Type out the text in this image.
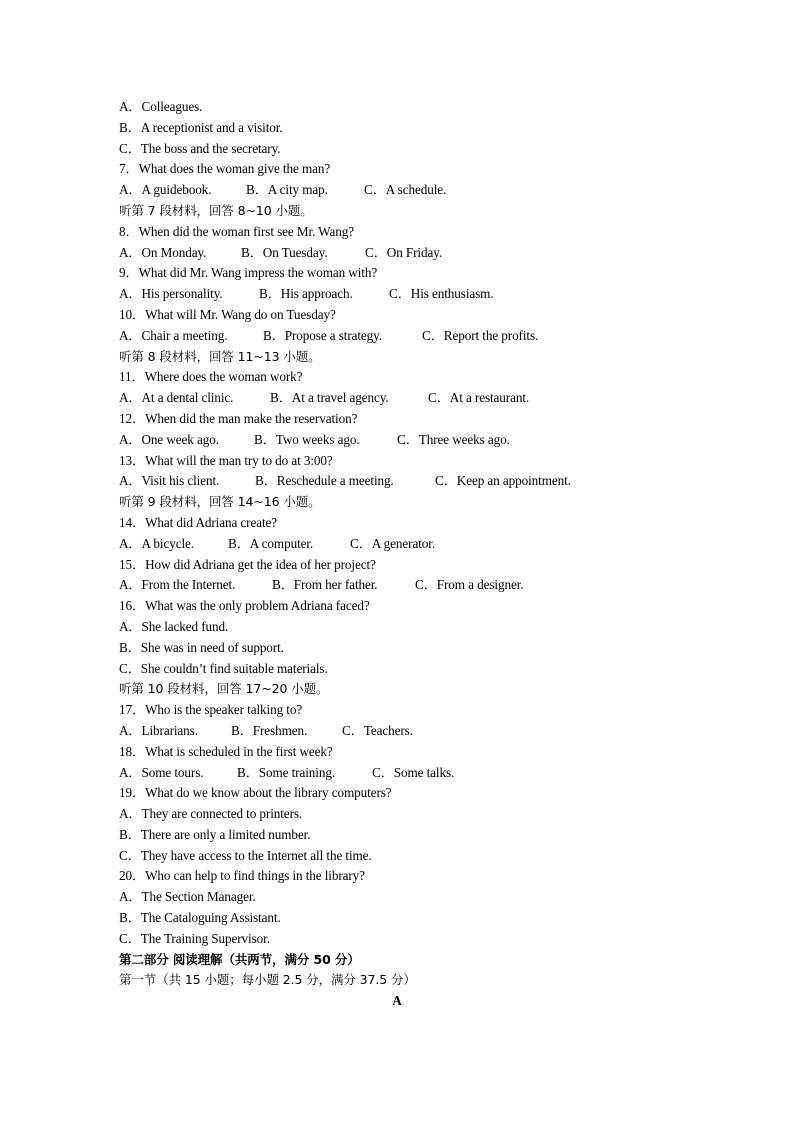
A．Colleagues.
B．A receptionist and a visitor.
C．The boss and the secretary.
7．What does the woman give the man?
A．A guidebook.	B．A city map.	C．A schedule.
听第 7 段材料，回答 8~10 小题。
8．When did the woman first see Mr. Wang?
A．On Monday.	B．On Tuesday.	C．On Friday.
9．What did Mr. Wang impress the woman with?
A．His personality.	B．His approach.	C．His enthusiasm.
10．What will Mr. Wang do on Tuesday?
A．Chair a meeting.	B．Propose a strategy.	C．Report the profits.
听第 8 段材料，回答 11~13 小题。
11．Where does the woman work?
A．At a dental clinic.	B．At a travel agency.	C．At a restaurant.
12．When did the man make the reservation?
A．One week ago.	B．Two weeks ago.	C．Three weeks ago.
13．What will the man try to do at 3:00?
A．Visit his client.	B．Reschedule a meeting.	C．Keep an appointment.
听第 9 段材料，回答 14~16 小题。
14．What did Adriana create?
A．A bicycle.	B．A computer.	C．A generator.
15．How did Adriana get the idea of her project?
A．From the Internet.	B．From her father.	C．From a designer.
16．What was the only problem Adriana faced?
A．She lacked fund.
B．She was in need of support.
C．She couldn’t find suitable materials.
听第 10 段材料，回答 17~20 小题。
17．Who is the speaker talking to?
A．Librarians.	B．Freshmen.	C．Teachers.
18．What is scheduled in the first week?
A．Some tours.	B．Some training.	C．Some talks.
19．What do we know about the library computers?
A．They are connected to printers.
B．There are only a limited number.
C．They have access to the Internet all the time.
20．Who can help to find things in the library?
A．The Section Manager.
B．The Cataloguing Assistant.
C．The Training Supervisor.
第二部分 阅读理解（共两节，满分 50 分）
第一节（共 15 小题；每小题 2.5 分，满分 37.5 分）
A
